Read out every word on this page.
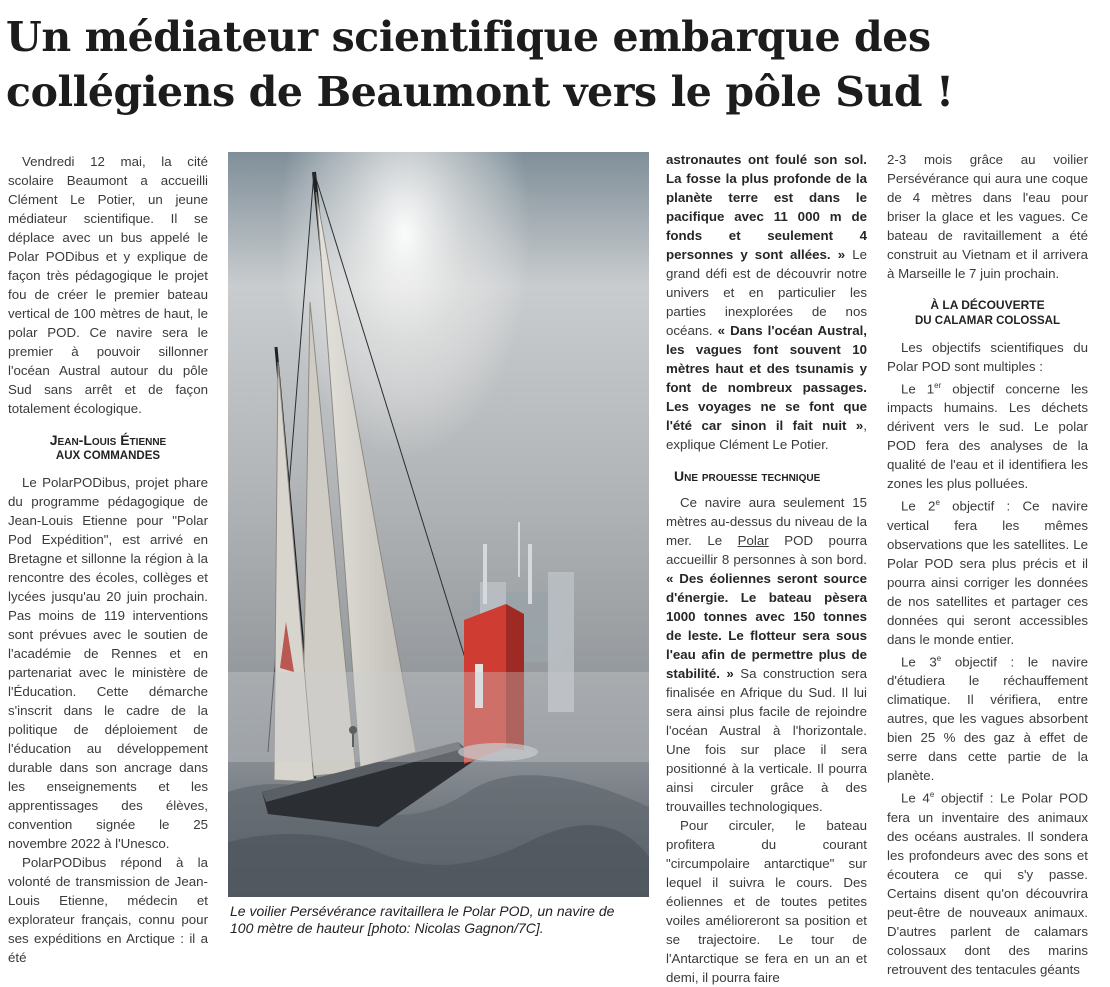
Un médiateur scientifique embarque des
collégiens de Beaumont vers le pôle Sud !

Vendredi 12 mai, la cité scolaire Beaumont a accueilli Clément Le Potier, un jeune médiateur scientifique. Il se déplace avec un bus appelé le Polar PODibus et y explique de façon très pédagogique le projet fou de créer le premier bateau vertical de 100 mètres de haut, le polar POD. Ce navire sera le premier à pouvoir sillonner l'océan Austral autour du pôle Sud sans arrêt et de façon totalement écologique.

Jean-Louis Étienne
AUX COMMANDES

Le PolarPODibus, projet phare du programme pédagogique de Jean-Louis Etienne pour "Polar Pod Expédition", est arrivé en Bretagne et sillonne la région à la rencontre des écoles, collèges et lycées jusqu'au 20 juin prochain. Pas moins de 119 interventions sont prévues avec le soutien de l'académie de Rennes et en partenariat avec le ministère de l'Éducation. Cette démarche s'inscrit dans le cadre de la politique de déploiement de l'éducation au développement durable dans son ancrage dans les enseignements et les apprentissages des élèves, convention signée le 25 novembre 2022 à l'Unesco.

PolarPODibus répond à la volonté de transmission de Jean-Louis Etienne, médecin et explorateur français, connu pour ses expéditions en Arctique : il a été

Le voilier Persévérance ravitaillera le Polar POD, un navire de
100 mètre de hauteur [photo: Nicolas Gagnon/7C].

astronautes ont foulé son sol. La fosse la plus profonde de la planète terre est dans le pacifique avec 11 000 m de fonds et seulement 4 personnes y sont allées. » Le grand défi est de découvrir notre univers et en particulier les parties inexplorées de nos océans. « Dans l'océan Austral, les vagues font souvent 10 mètres haut et des tsunamis y font de nombreux passages. Les voyages ne se font que l'été car sinon il fait nuit », explique Clément Le Potier.

Une prouesse technique

Ce navire aura seulement 15 mètres au-dessus du niveau de la mer. Le Polar POD pourra accueillir 8 personnes à son bord. « Des éoliennes seront source d'énergie. Le bateau pèsera 1000 tonnes avec 150 tonnes de leste. Le flotteur sera sous l'eau afin de permettre plus de stabilité. » Sa construction sera finalisée en Afrique du Sud. Il lui sera ainsi plus facile de rejoindre l'océan Austral à l'horizontale. Une fois sur place il sera positionné à la verticale. Il pourra ainsi circuler grâce à des trouvailles technologiques.

Pour circuler, le bateau profitera du courant "circumpolaire antarctique" sur lequel il suivra le cours. Des éoliennes et de toutes petites voiles amélioreront sa position et se trajectoire. Le tour de l'Antarctique se fera en un an et demi, il pourra faire

2-3 mois grâce au voilier Persévérance qui aura une coque de 4 mètres dans l'eau pour briser la glace et les vagues. Ce bateau de ravitaillement a été construit au Vietnam et il arrivera à Marseille le 7 juin prochain.

À LA DÉCOUVERTE
DU CALAMAR COLOSSAL

Les objectifs scientifiques du Polar POD sont multiples :

Le 1er objectif concerne les impacts humains. Les déchets dérivent vers le sud. Le polar POD fera des analyses de la qualité de l'eau et il identifiera les zones les plus polluées.

Le 2e objectif : Ce navire vertical fera les mêmes observations que les satellites. Le Polar POD sera plus précis et il pourra ainsi corriger les données de nos satellites et partager ces données qui seront accessibles dans le monde entier.

Le 3e objectif : le navire d'étudiera le réchauffement climatique. Il vérifiera, entre autres, que les vagues absorbent bien 25 % des gaz à effet de serre dans cette partie de la planète.

Le 4e objectif : Le Polar POD fera un inventaire des animaux des océans australes. Il sondera les profondeurs avec des sons et écoutera ce qui s'y passe. Certains disent qu'on découvrira peut-être de nouveaux animaux. D'autres parlent de calamars colossaux dont des marins retrouvent des tentacules géants
